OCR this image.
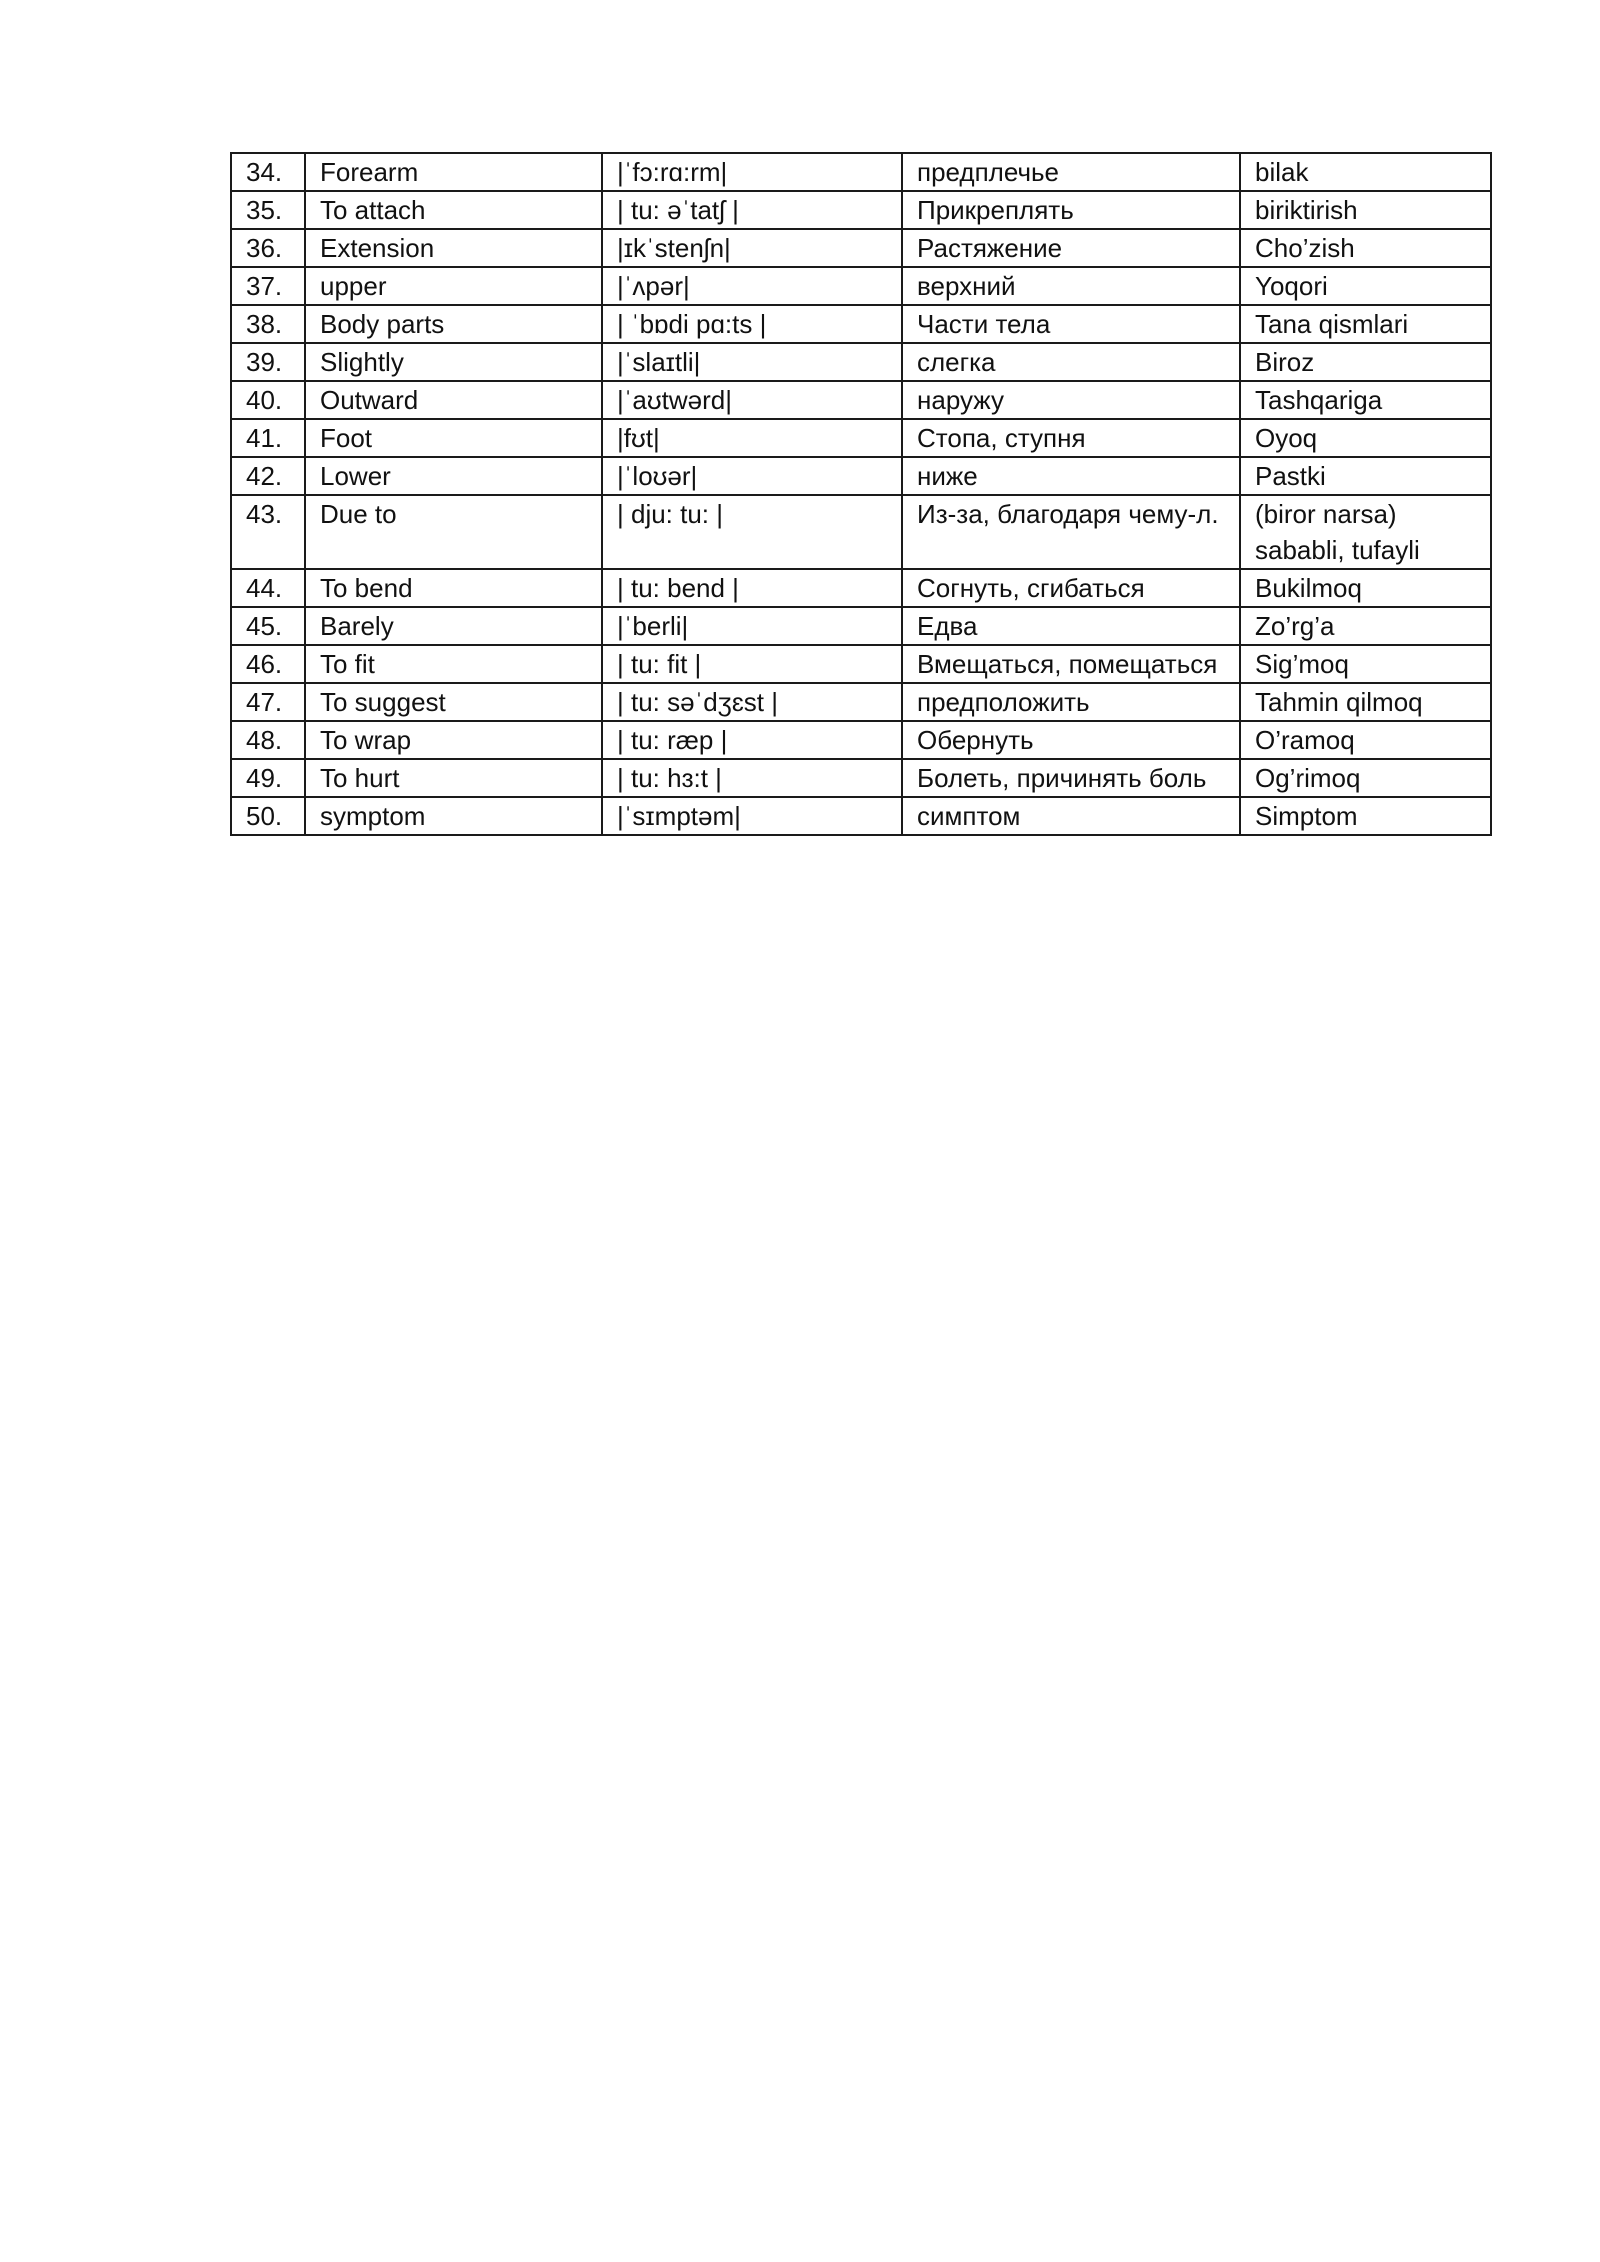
34.	Forearm	|ˈfɔ:rɑ:rm|	предплечье	bilak
35.	To attach	| tu: əˈtatʃ |	Прикреплять	biriktirish
36.	Extension	|ɪkˈstenʃn|	Растяжение	Cho’zish
37.	upper	|ˈʌpər|	верхний	Yoqori
38.	Body parts	| ˈbɒdi pɑ:ts |	Части тела	Tana qismlari
39.	Slightly	|ˈslaɪtli|	слегка	Biroz
40.	Outward	|ˈaʊtwərd|	наружу	Tashqariga
41.	Foot	|fʊt|	Стопа, ступня	Oyoq
42.	Lower	|ˈloʊər|	ниже	Pastki
43.	Due to	| dju: tu: |	Из-за, благодаря чему-л.	(biror narsa) sababli, tufayli
44.	To bend	| tu: bend |	Согнуть, сгибаться	Bukilmoq
45.	Barely	|ˈberli|	Едва	Zo’rg’a
46.	To fit	| tu: fit |	Вмещаться, помещаться	Sig’moq
47.	To suggest	| tu: səˈdʒɛst |	предположить	Tahmin qilmoq
48.	To wrap	| tu: ræp |	Обернуть	O’ramoq
49.	To hurt	| tu: hɜ:t |	Болеть, причинять боль	Og’rimoq
50.	symptom	|ˈsɪmptəm|	симптом	Simptom
